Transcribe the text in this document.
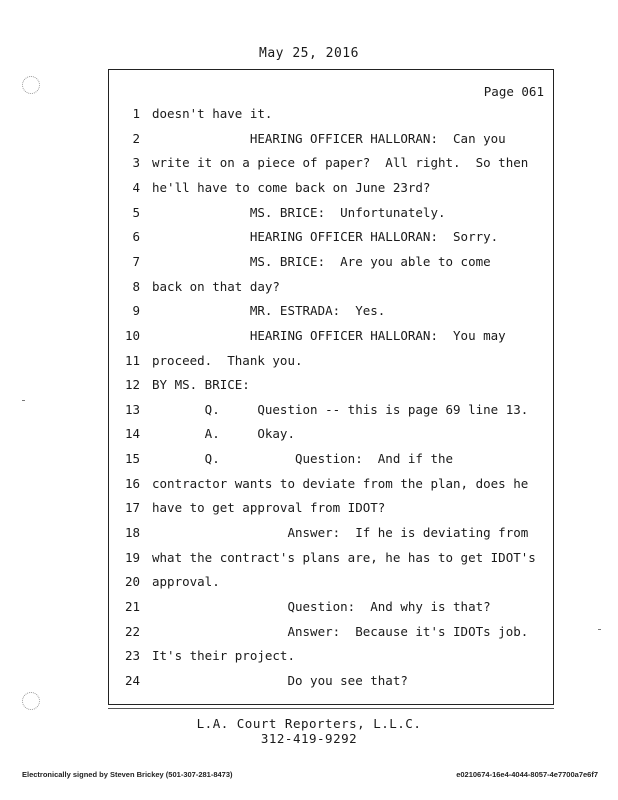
May 25, 2016
Page 061
1 doesn't have it.
2 HEARING OFFICER HALLORAN:  Can you
3 write it on a piece of paper?  All right.  So then
4 he'll have to come back on June 23rd?
5 MS. BRICE:  Unfortunately.
6 HEARING OFFICER HALLORAN:  Sorry.
7 MS. BRICE:  Are you able to come
8 back on that day?
9 MR. ESTRADA:  Yes.
10 HEARING OFFICER HALLORAN:  You may
11 proceed.  Thank you.
12 BY MS. BRICE:
13 Q.     Question -- this is page 69 line 13.
14 A.     Okay.
15 Q.          Question:  And if the
16 contractor wants to deviate from the plan, does he
17 have to get approval from IDOT?
18 Answer:  If he is deviating from
19 what the contract's plans are, he has to get IDOT's
20 approval.
21 Question:  And why is that?
22 Answer:  Because it's IDOTs job.
23 It's their project.
24 Do you see that?
L.A. Court Reporters, L.L.C.
312-419-9292
Electronically signed by Steven Brickey (501-307-281-8473)	e0210674-16e4-4044-8057-4e7700a7e6f7
